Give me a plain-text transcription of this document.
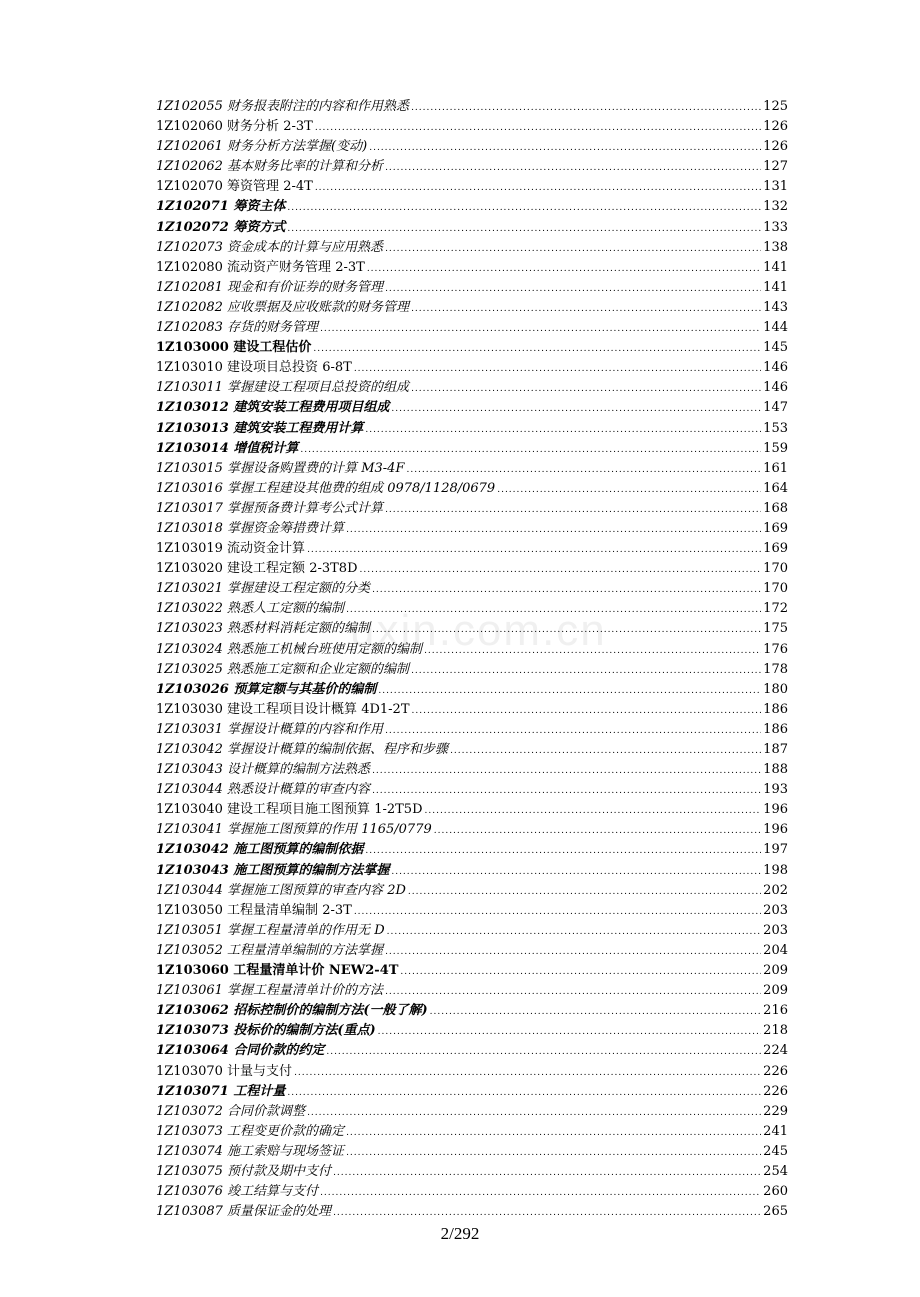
uxin.com.cn
1Z102055 财务报表附注的内容和作用熟悉 .....	125
1Z102060 财务分析 2-3T .....	126
1Z102061 财务分析方法掌握(变动) .....	126
1Z102062 基本财务比率的计算和分析 .....	127
1Z102070 筹资管理 2-4T .....	131
1Z102071 筹资主体 .....	132
1Z102072 筹资方式 .....	133
1Z102073 资金成本的计算与应用熟悉 .....	138
1Z102080 流动资产财务管理 2-3T .....	141
1Z102081 现金和有价证券的财务管理 .....	141
1Z102082 应收票据及应收账款的财务管理 .....	143
1Z102083 存货的财务管理 .....	144
1Z103000 建设工程估价 .....	145
1Z103010 建设项目总投资 6-8T .....	146
1Z103011 掌握建设工程项目总投资的组成 .....	146
1Z103012 建筑安装工程费用项目组成 .....	147
1Z103013 建筑安装工程费用计算 .....	153
1Z103014 增值税计算 .....	159
1Z103015 掌握设备购置费的计算 M3-4F .....	161
1Z103016 掌握工程建设其他费的组成 0978/1128/0679 .....	164
1Z103017 掌握预备费计算考公式计算 .....	168
1Z103018 掌握资金筹措费计算 .....	169
1Z103019 流动资金计算 .....	169
1Z103020 建设工程定额 2-3T8D .....	170
1Z103021 掌握建设工程定额的分类 .....	170
1Z103022 熟悉人工定额的编制 .....	172
1Z103023 熟悉材料消耗定额的编制 .....	175
1Z103024 熟悉施工机械台班使用定额的编制 .....	176
1Z103025 熟悉施工定额和企业定额的编制 .....	178
1Z103026 预算定额与其基价的编制 .....	180
1Z103030 建设工程项目设计概算 4D1-2T .....	186
1Z103031 掌握设计概算的内容和作用 .....	186
1Z103042 掌握设计概算的编制依据、程序和步骤 .....	187
1Z103043 设计概算的编制方法熟悉 .....	188
1Z103044 熟悉设计概算的审查内容 .....	193
1Z103040 建设工程项目施工图预算 1-2T5D .....	196
1Z103041 掌握施工图预算的作用 1165/0779 .....	196
1Z103042 施工图预算的编制依据 .....	197
1Z103043 施工图预算的编制方法掌握 .....	198
1Z103044 掌握施工图预算的审查内容 2D .....	202
1Z103050 工程量清单编制 2-3T .....	203
1Z103051 掌握工程量清单的作用无 D .....	203
1Z103052 工程量清单编制的方法掌握 .....	204
1Z103060 工程量清单计价 NEW2-4T .....	209
1Z103061 掌握工程量清单计价的方法 .....	209
1Z103062 招标控制价的编制方法(一般了解) .....	216
1Z103073 投标价的编制方法(重点) .....	218
1Z103064 合同价款的约定 .....	224
1Z103070 计量与支付 .....	226
1Z103071 工程计量 .....	226
1Z103072 合同价款调整 .....	229
1Z103073 工程变更价款的确定 .....	241
1Z103074 施工索赔与现场签证 .....	245
1Z103075 预付款及期中支付 .....	254
1Z103076 竣工结算与支付 .....	260
1Z103087 质量保证金的处理 .....	265
2/292
